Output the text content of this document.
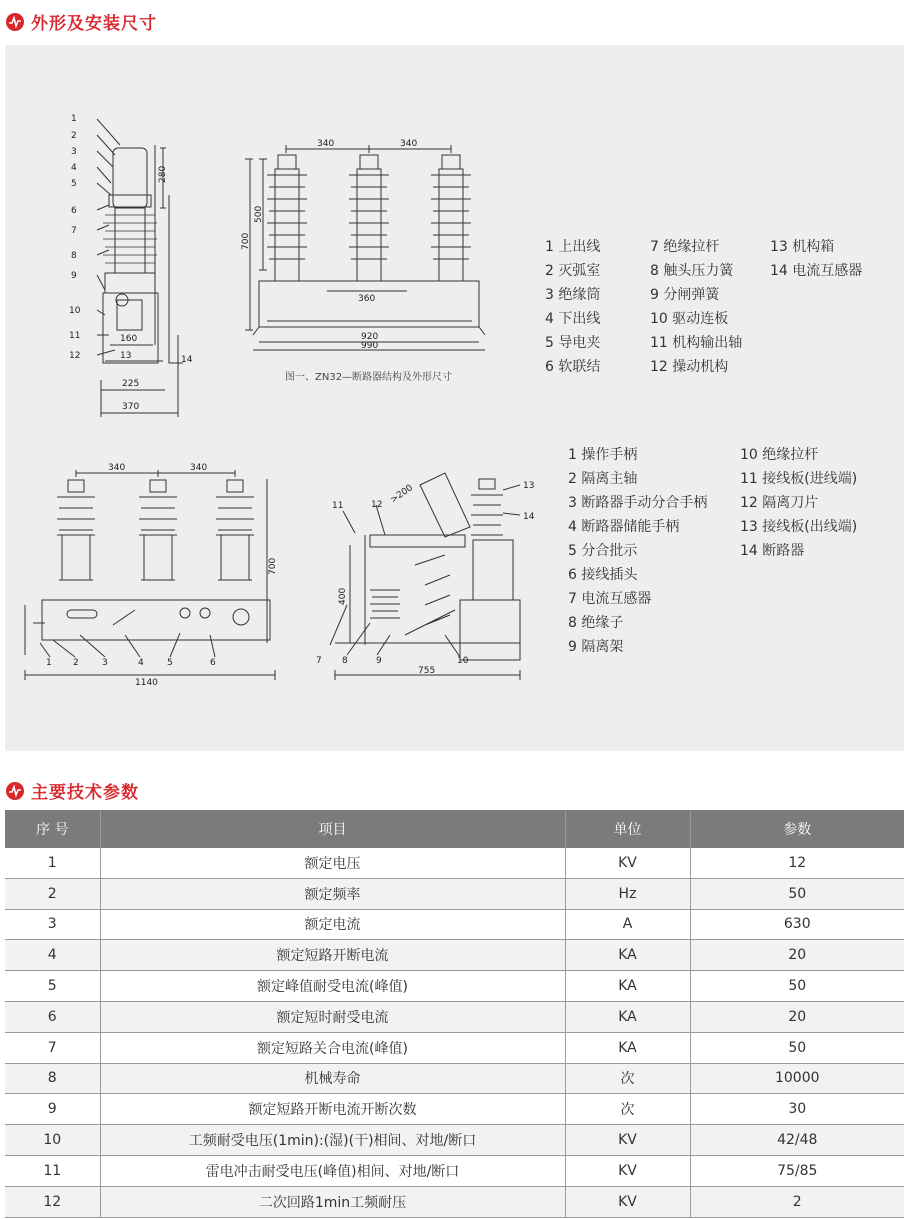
外形及安装尺寸
1
2
3
4
5
6
7
8
9
10
11
12	14
280
160
13
225
370
340	340
500
700
360
920
990
1 2	3	4	5	6
340	340
700
1140
11	12
13
14
7 8	9	10
>200
400
755
图一、ZN32—断路器结构及外形尺寸
1 上出线
2 灭弧室
3 绝缘筒
4 下出线
5 导电夹
6 软联结
7 绝缘拉杆
8 触头压力簧
9 分闸弹簧
10 驱动连板
11 机构输出轴
12 操动机构
13 机构箱
14 电流互感器
1 操作手柄
2 隔离主轴
3 断路器手动分合手柄
4 断路器储能手柄
5 分合批示
6 接线插头
7 电流互感器
8 绝缘子
9 隔离架
10 绝缘拉杆
11 接线板(进线端)
12 隔离刀片
13 接线板(出线端)
14 断路器
主要技术参数
序 号	项目	单位	参数
1	额定电压	KV	12
2	额定频率	Hz	50
3	额定电流	A	630
4	额定短路开断电流	KA	20
5	额定峰值耐受电流(峰值)	KA	50
6	额定短时耐受电流	KA	20
7	额定短路关合电流(峰值)	KA	50
8	机械寿命	次	10000
9	额定短路开断电流开断次数	次	30
10	工频耐受电压(1min):(湿)(干)相间、对地/断口	KV	42/48
11	雷电冲击耐受电压(峰值)相间、对地/断口	KV	75/85
12	二次回路1min工频耐压	KV	2
